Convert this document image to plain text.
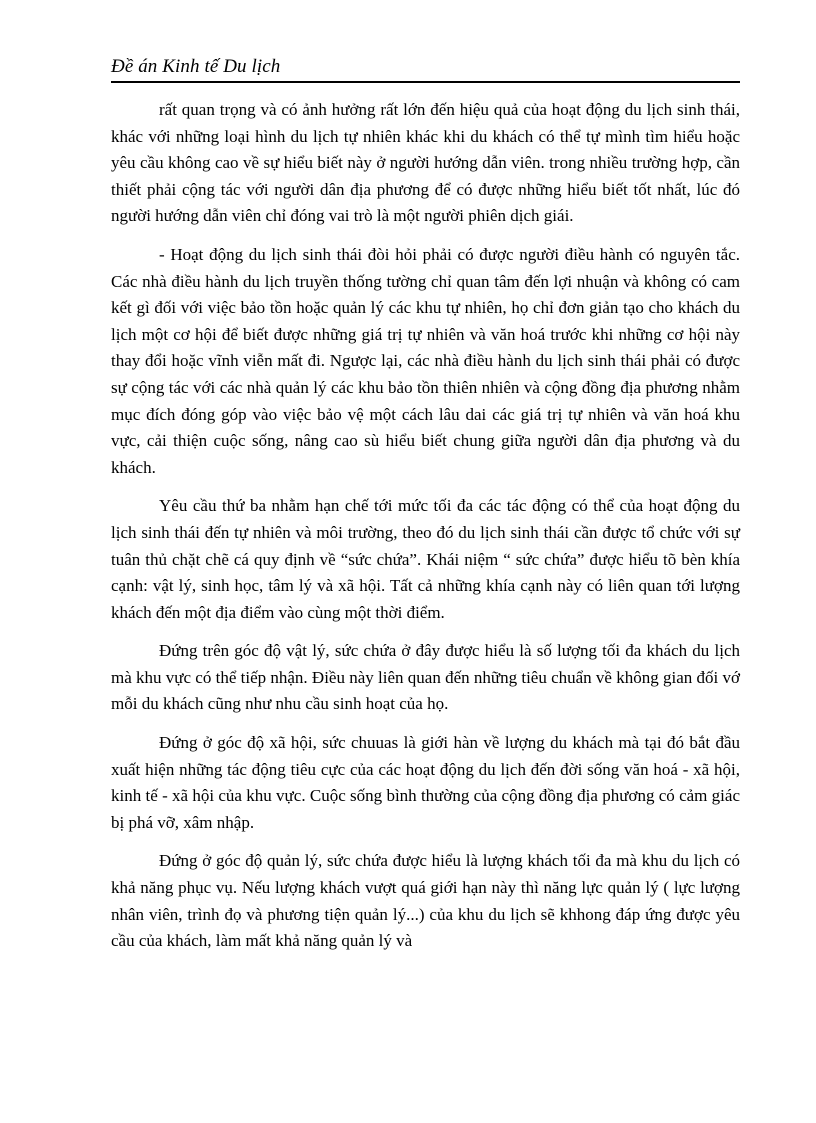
Đề án Kinh tế Du lịch

rất quan trọng và có ảnh hưởng rất lớn đến hiệu quả của hoạt động du lịch sinh thái, khác với những loại hình du lịch tự nhiên khác khi du khách có thể tự mình tìm hiểu hoặc yêu cầu không cao về sự hiểu biết này ở người hướng dẫn viên. trong nhiều trường hợp, cần thiết phải cộng tác với người dân địa phương để có được những hiểu biết tốt nhất, lúc đó người hướng dẫn viên chỉ đóng vai trò là một người phiên dịch giái.

- Hoạt động du lịch sinh thái đòi hỏi phải có được người điều hành có nguyên tắc. Các nhà điều hành du lịch truyền thống tường chỉ quan tâm đến lợi nhuận và không có cam kết gì đối với việc bảo tồn hoặc quản lý các khu tự nhiên, họ chỉ đơn giản tạo cho khách du lịch một cơ hội để biết được những giá trị tự nhiên và văn hoá trước khi những cơ hội này thay đổi hoặc vĩnh viễn mất đi. Ngược lại, các nhà điều hành du lịch sinh thái phải có được sự cộng tác với các nhà quản lý các khu bảo tồn thiên nhiên và cộng đồng địa phương nhằm mục đích đóng góp vào việc bảo vệ một cách lâu dai các giá trị tự nhiên và văn hoá khu vực, cải thiện cuộc sống, nâng cao sù hiểu biết chung giữa người dân địa phương và du khách.

Yêu cầu thứ ba nhằm hạn chế tới mức tối đa các tác động có thể của hoạt động du lịch sinh thái đến tự nhiên và môi trường, theo đó du lịch sinh thái cần được tổ chức với sự tuân thủ chặt chẽ cá quy định về “sức chứa”. Khái niệm “ sức chứa” được hiểu tõ bèn khía cạnh: vật lý, sinh học, tâm lý và xã hội. Tất cả những khía cạnh này có liên quan tới lượng khách đến một địa điểm vào cùng một thời điểm.

Đứng trên góc độ vật lý, sức chứa ở đây được hiểu là số lượng tối đa khách du lịch mà khu vực có thể tiếp nhận. Điều này liên quan đến những tiêu chuẩn về không gian đối vớ mỗi du khách cũng như nhu cầu sinh hoạt của họ.

Đứng ở góc độ xã hội, sức chuuas là giới hàn về lượng du khách mà tại đó bắt đầu xuất hiện những tác động tiêu cực của các hoạt động du lịch đến đời sống văn hoá - xã hội, kinh tế - xã hội của khu vực. Cuộc sống bình thường của cộng đồng địa phương có cảm giác bị phá vỡ, xâm nhập.

Đứng ở góc độ quản lý, sức chứa được hiểu là lượng khách tối đa mà khu du lịch có khả năng phục vụ. Nếu lượng khách vượt quá giới hạn này thì năng lực quản lý ( lực lượng nhân viên, trình đọ và phương tiện quản lý...) của khu du lịch sẽ khhong đáp ứng được yêu cầu của khách, làm mất khả năng quản lý và
